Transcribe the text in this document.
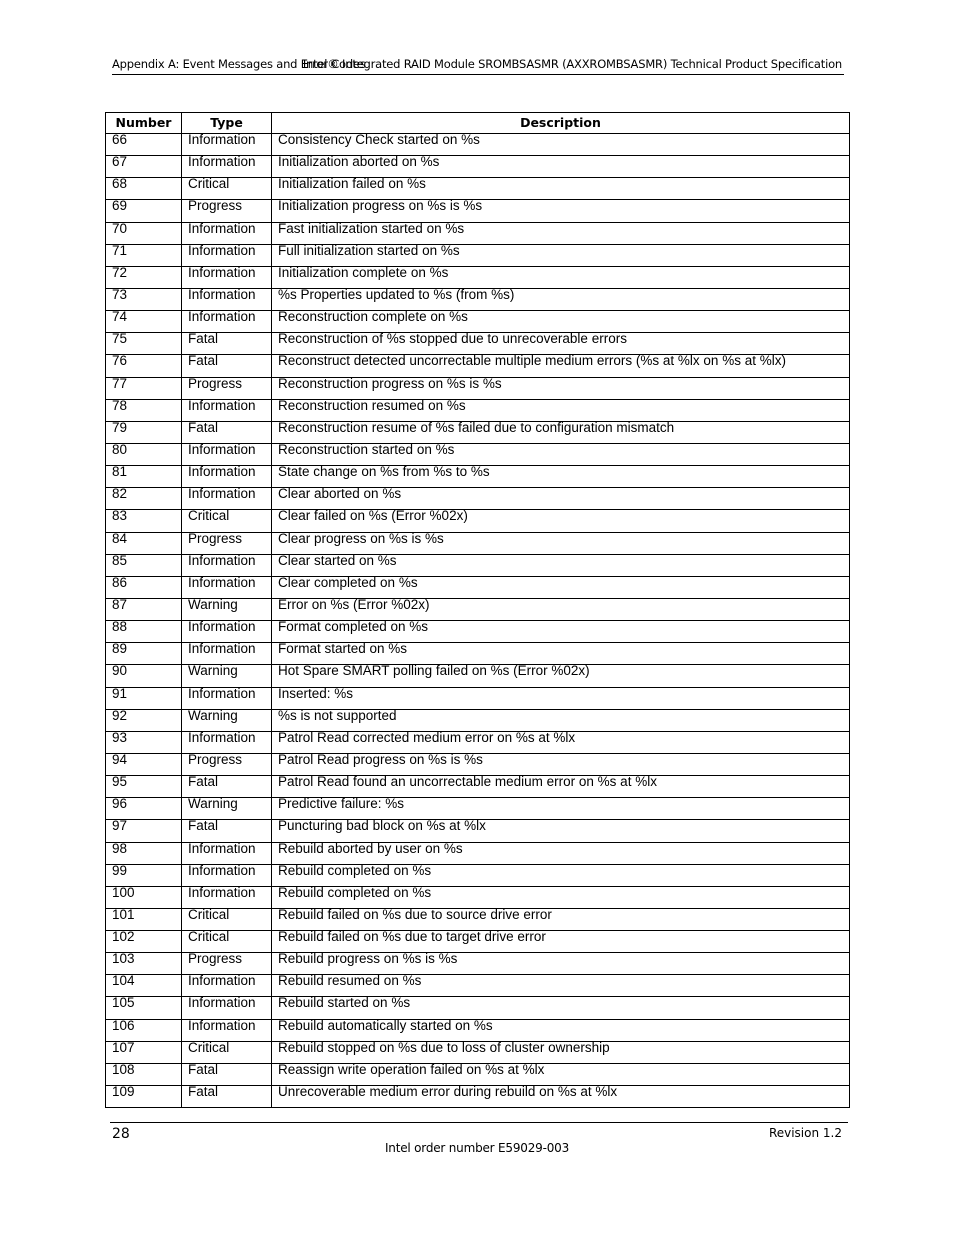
Appendix A: Event Messages and Error Codes
Intel® Integrated RAID Module SROMBSASMR (AXXROMBSASMR) Technical Product Specification
Number	Type	Description

66	Information	Consistency Check started on %s

67	Information	Initialization aborted on %s

68	Critical	Initialization failed on %s

69	Progress	Initialization progress on %s is %s

70	Information	Fast initialization started on %s

71	Information	Full initialization started on %s

72	Information	Initialization complete on %s

73	Information	%s Properties updated to %s (from %s)

74	Information	Reconstruction complete on %s

75	Fatal	Reconstruction of %s stopped due to unrecoverable errors

76	Fatal	Reconstruct detected uncorrectable multiple medium errors (%s at %lx on %s at %lx)

77	Progress	Reconstruction progress on %s is %s

78	Information	Reconstruction resumed on %s

79	Fatal	Reconstruction resume of %s failed due to configuration mismatch

80	Information	Reconstruction started on %s

81	Information	State change on %s from %s to %s

82	Information	Clear aborted on %s

83	Critical	Clear failed on %s (Error %02x)

84	Progress	Clear progress on %s is %s

85	Information	Clear started on %s

86	Information	Clear completed on %s

87	Warning	Error on %s (Error %02x)

88	Information	Format completed on %s

89	Information	Format started on %s

90	Warning	Hot Spare SMART polling failed on %s (Error %02x)

91	Information	Inserted: %s

92	Warning	%s is not supported

93	Information	Patrol Read corrected medium error on %s at %lx

94	Progress	Patrol Read progress on %s is %s

95	Fatal	Patrol Read found an uncorrectable medium error on %s at %lx

96	Warning	Predictive failure: %s

97	Fatal	Puncturing bad block on %s at %lx

98	Information	Rebuild aborted by user on %s

99	Information	Rebuild completed on %s

100	Information	Rebuild completed on %s

101	Critical	Rebuild failed on %s due to source drive error

102	Critical	Rebuild failed on %s due to target drive error

103	Progress	Rebuild progress on %s is %s

104	Information	Rebuild resumed on %s

105	Information	Rebuild started on %s

106	Information	Rebuild automatically started on %s

107	Critical	Rebuild stopped on %s due to loss of cluster ownership

108	Fatal	Reassign write operation failed on %s at %lx

109	Fatal	Unrecoverable medium error during rebuild on %s at %lx
28	Revision 1.2
Intel order number E59029-003
